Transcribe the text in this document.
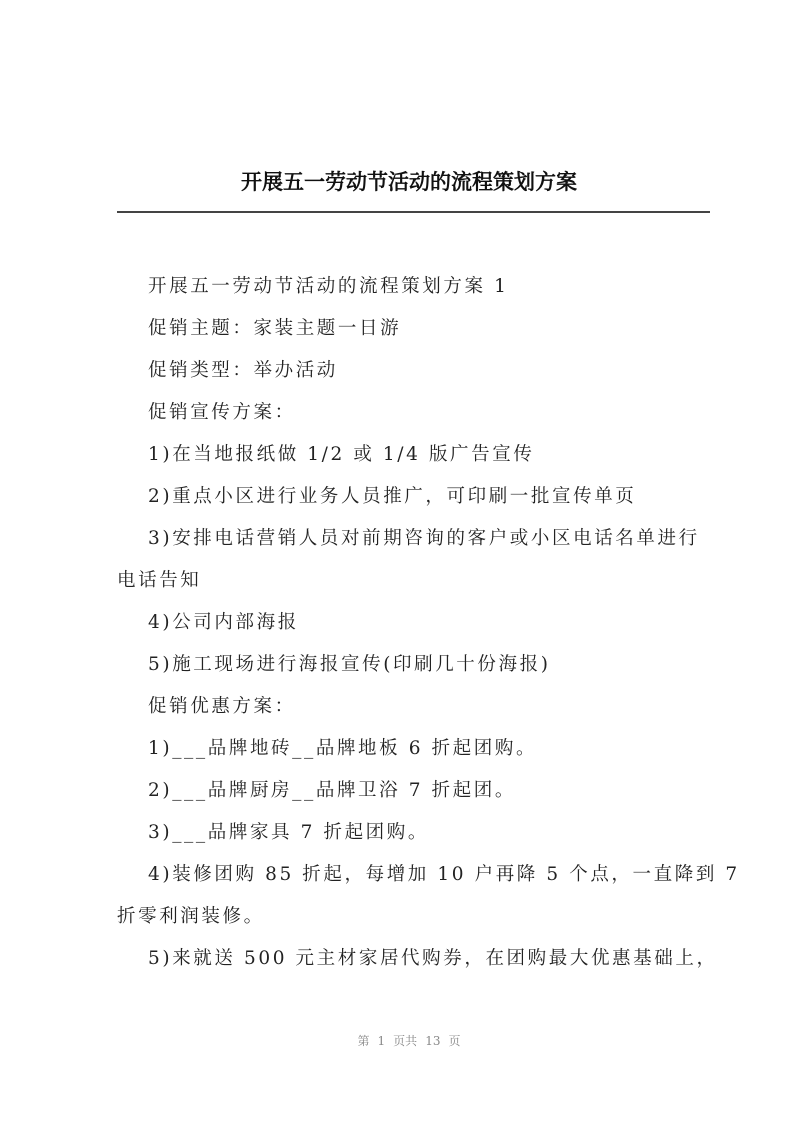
开展五一劳动节活动的流程策划方案
开展五一劳动节活动的流程策划方案 1
促销主题：家装主题一日游
促销类型：举办活动
促销宣传方案：
1)在当地报纸做 1/2 或 1/4 版广告宣传
2)重点小区进行业务人员推广，可印刷一批宣传单页
3)安排电话营销人员对前期咨询的客户或小区电话名单进行
电话告知
4)公司内部海报
5)施工现场进行海报宣传(印刷几十份海报)
促销优惠方案：
1)___品牌地砖__品牌地板 6 折起团购。
2)___品牌厨房__品牌卫浴 7 折起团。
3)___品牌家具 7 折起团购。
4)装修团购 85 折起，每增加 10 户再降 5 个点，一直降到 7
折零利润装修。
5)来就送 500 元主材家居代购券，在团购最大优惠基础上，
第 1 页共 13 页
